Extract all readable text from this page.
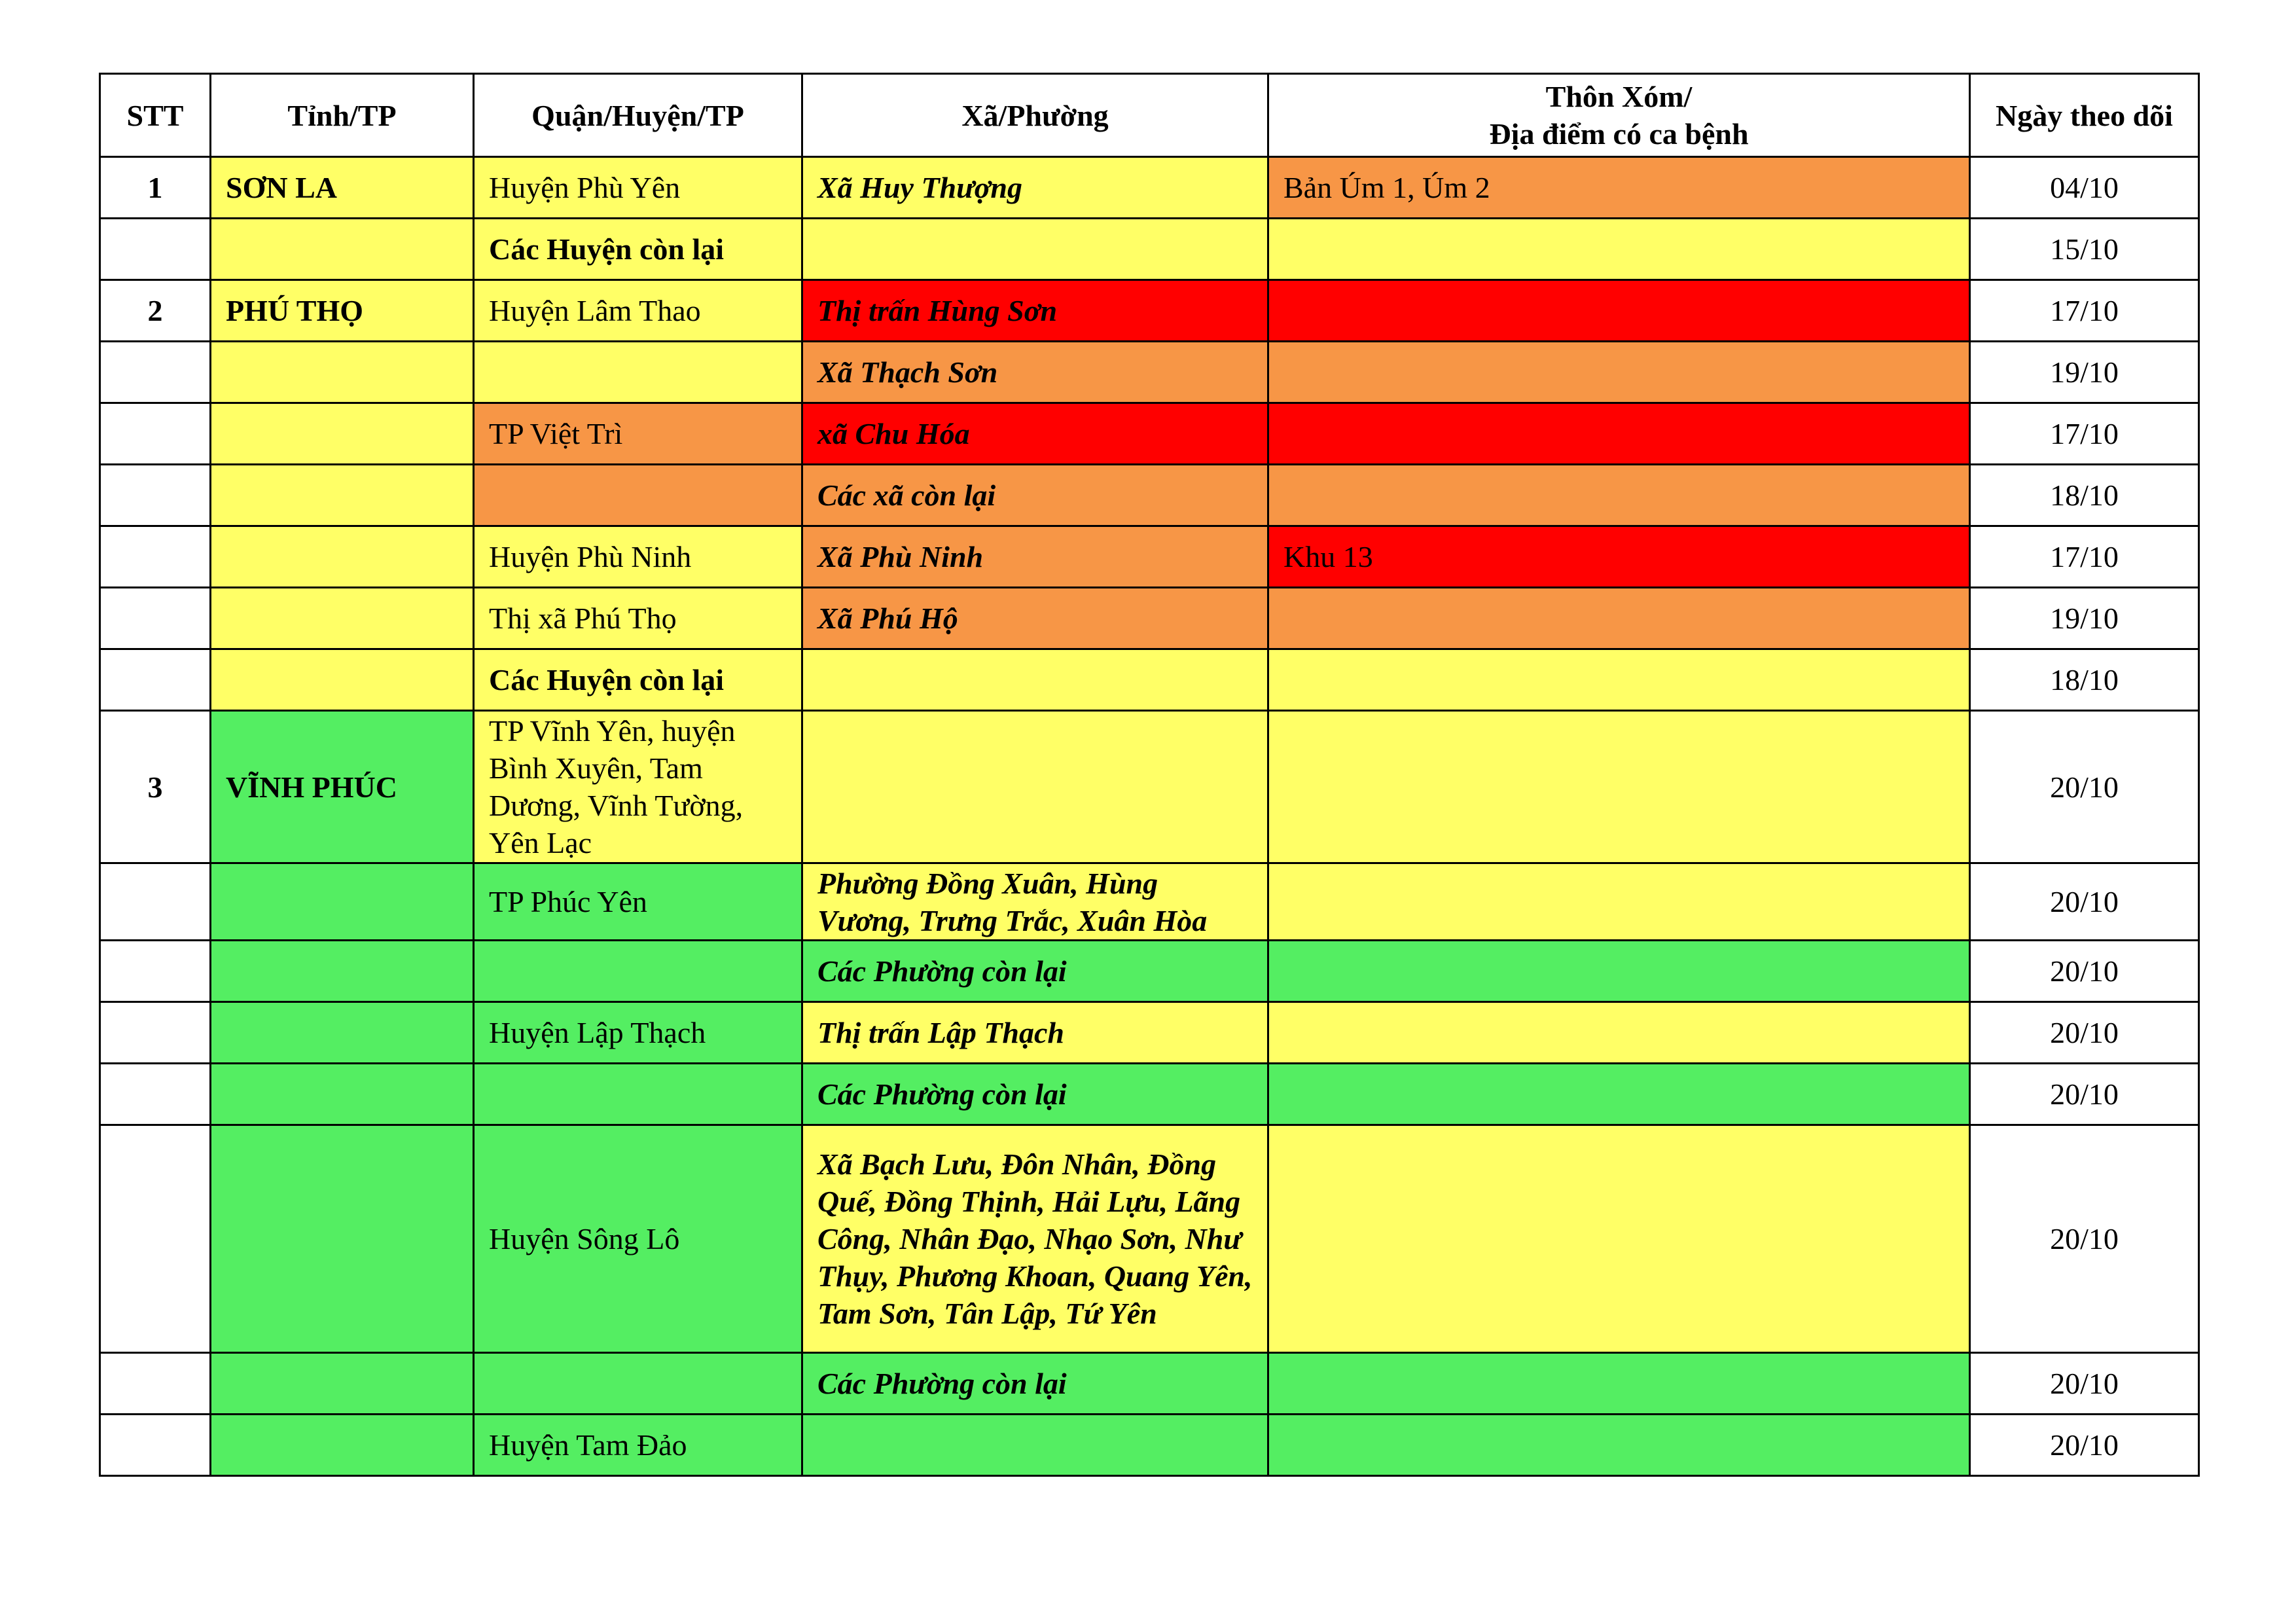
STT	Tỉnh/TP	Quận/Huyện/TP	Xã/Phường	Thôn Xóm/
Địa điểm có ca bệnh	Ngày theo dõi
1	SƠN LA	Huyện Phù Yên	Xã Huy Thượng	Bản Úm 1, Úm 2	04/10
		Các Huyện còn lại			15/10
2	PHÚ THỌ	Huyện Lâm Thao	Thị trấn Hùng Sơn		17/10
			Xã Thạch Sơn		19/10
		TP Việt Trì	xã Chu Hóa		17/10
			Các xã còn lại		18/10
		Huyện Phù Ninh	Xã Phù Ninh	Khu 13	17/10
		Thị xã Phú Thọ	Xã Phú Hộ		19/10
		Các Huyện còn lại			18/10
3	VĨNH PHÚC	TP Vĩnh Yên, huyện Bình Xuyên, Tam Dương, Vĩnh Tường, Yên Lạc			20/10
		TP Phúc Yên	Phường Đồng Xuân, Hùng Vương, Trưng Trắc, Xuân Hòa		20/10
			Các Phường còn lại		20/10
		Huyện Lập Thạch	Thị trấn Lập Thạch		20/10
			Các Phường còn lại		20/10
		Huyện Sông Lô	Xã Bạch Lưu, Đôn Nhân, Đồng Quế, Đồng Thịnh, Hải Lựu, Lãng Công, Nhân Đạo, Nhạo Sơn, Như Thụy, Phương Khoan, Quang Yên, Tam Sơn, Tân Lập, Tứ Yên		20/10
			Các Phường còn lại		20/10
		Huyện Tam Đảo			20/10
